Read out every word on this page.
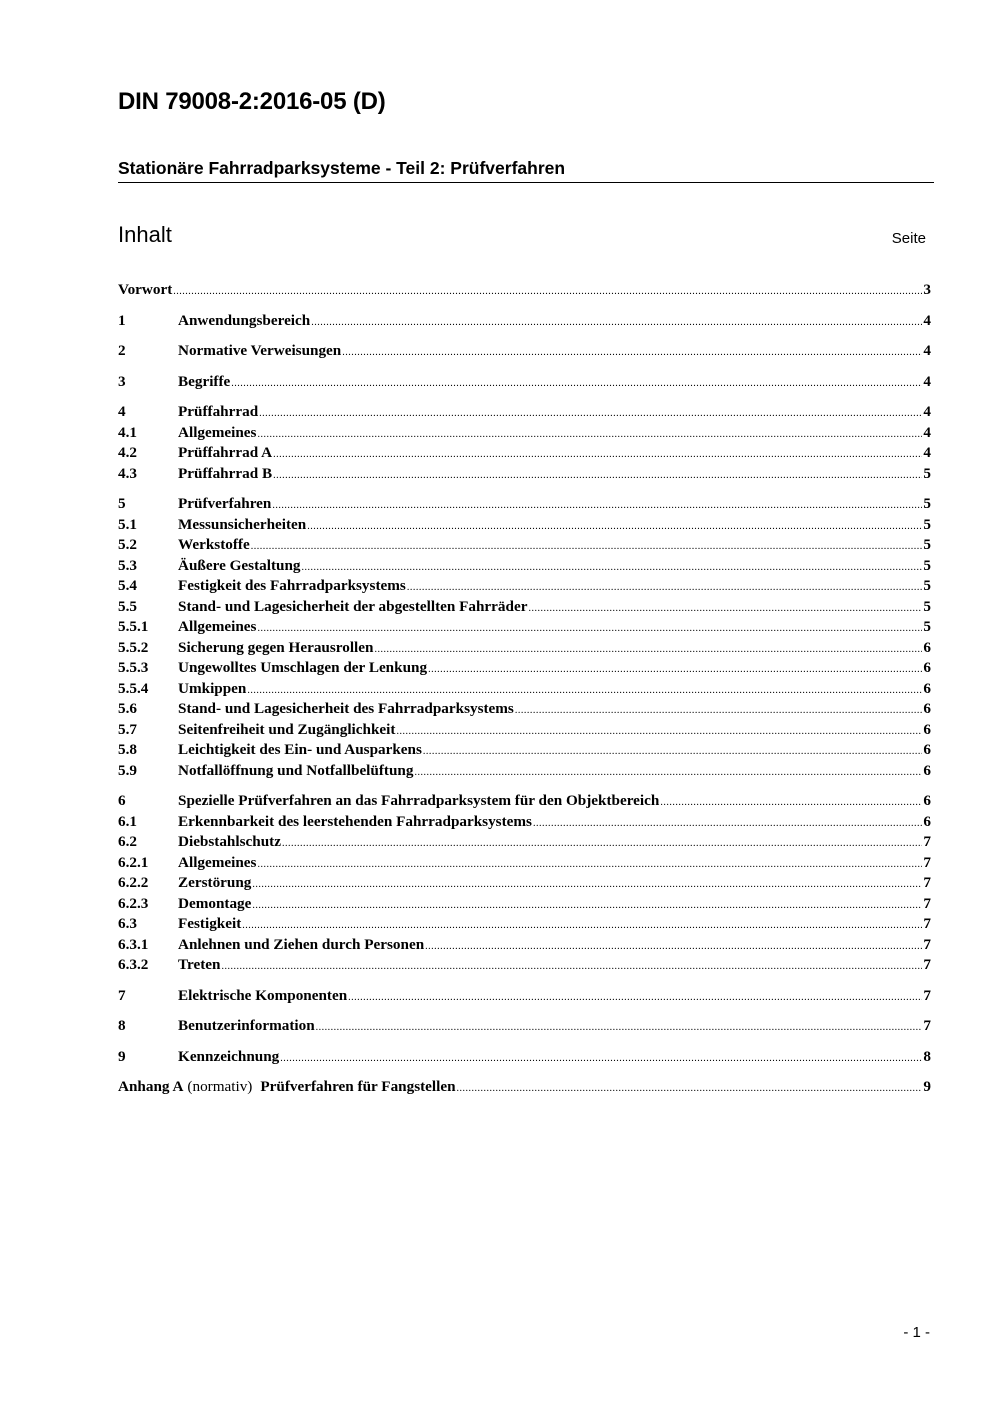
DIN 79008-2:2016-05 (D)
Stationäre Fahrradparksysteme - Teil 2: Prüfverfahren
Inhalt	Seite
Vorwort .....	3
1	Anwendungsbereich .....	4
2	Normative Verweisungen .....	4
3	Begriffe .....	4
4	Prüffahrrad .....	4
4.1	Allgemeines .....	4
4.2	Prüffahrrad A .....	4
4.3	Prüffahrrad B .....	5
5	Prüfverfahren .....	5
5.1	Messunsicherheiten .....	5
5.2	Werkstoffe .....	5
5.3	Äußere Gestaltung .....	5
5.4	Festigkeit des Fahrradparksystems .....	5
5.5	Stand- und Lagesicherheit der abgestellten Fahrräder .....	5
5.5.1	Allgemeines .....	5
5.5.2	Sicherung gegen Herausrollen .....	6
5.5.3	Ungewolltes Umschlagen der Lenkung .....	6
5.5.4	Umkippen .....	6
5.6	Stand- und Lagesicherheit des Fahrradparksystems .....	6
5.7	Seitenfreiheit und Zugänglichkeit .....	6
5.8	Leichtigkeit des Ein- und Ausparkens .....	6
5.9	Notfallöffnung und Notfallbelüftung .....	6
6	Spezielle Prüfverfahren an das Fahrradparksystem für den Objektbereich .....	6
6.1	Erkennbarkeit des leerstehenden Fahrradparksystems .....	6
6.2	Diebstahlschutz .....	7
6.2.1	Allgemeines .....	7
6.2.2	Zerstörung .....	7
6.2.3	Demontage .....	7
6.3	Festigkeit .....	7
6.3.1	Anlehnen und Ziehen durch Personen .....	7
6.3.2	Treten .....	7
7	Elektrische Komponenten .....	7
8	Benutzerinformation .....	7
9	Kennzeichnung .....	8
Anhang A (normativ) Prüfverfahren für Fangstellen .....	9
- 1 -
